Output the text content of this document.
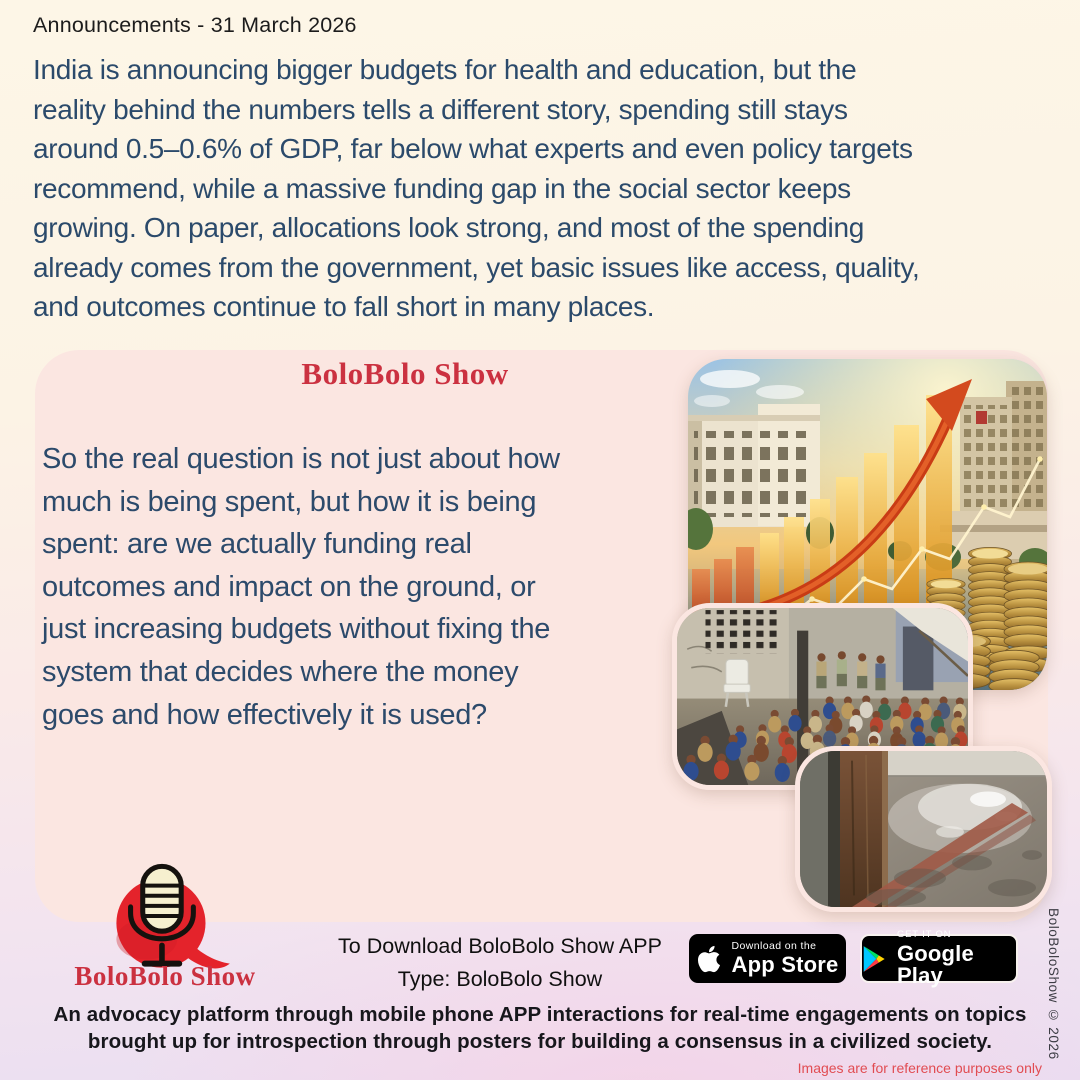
Announcements - 31 March 2026
India is announcing bigger budgets for health and education, but the
reality behind the numbers tells a different story, spending still stays
around 0.5–0.6% of GDP, far below what experts and even policy targets
recommend, while a massive funding gap in the social sector keeps
growing. On paper, allocations look strong, and most of the spending
already comes from the government, yet basic issues like access, quality,
and outcomes continue to fall short in many places.
BoloBolo Show
So the real question is not just about how
much is being spent, but how it is being
spent: are we actually funding real
outcomes and impact on the ground, or
just increasing budgets without fixing the
system that decides where the money
goes and how effectively it is used?
BoloBolo Show
To Download BoloBolo Show APP
Type: BoloBolo Show
Download on the
App Store
GET IT ON
Google Play
An advocacy platform through mobile phone APP interactions for real-time engagements on topics
brought up for introspection through posters for building a consensus in a civilized society.	BoloBoloShow © 2026
Images are for reference purposes only
